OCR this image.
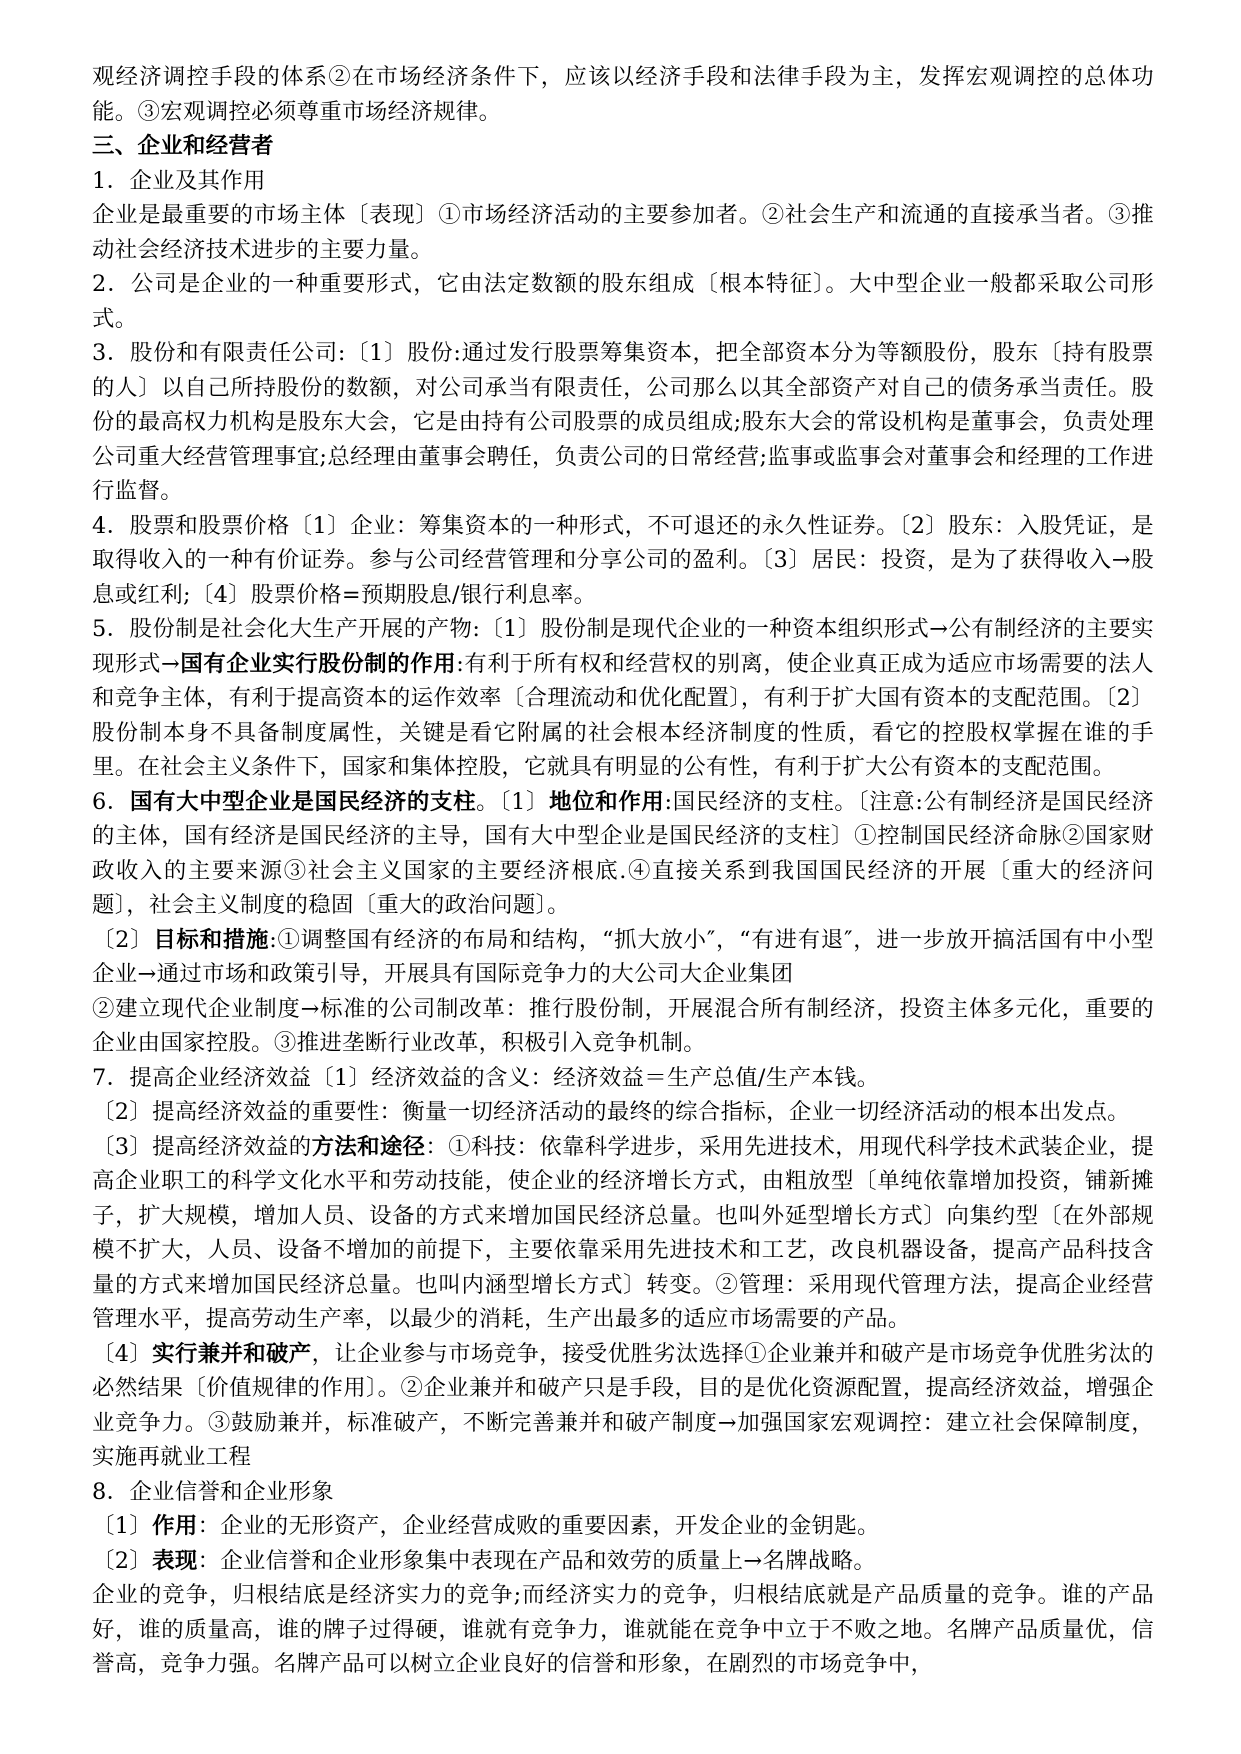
观经济调控手段的体系②在市场经济条件下，应该以经济手段和法律手段为主，发挥宏观调控的总体功能。③宏观调控必须尊重市场经济规律。

三、企业和经营者

1．企业及其作用

企业是最重要的市场主体〔表现〕①市场经济活动的主要参加者。②社会生产和流通的直接承当者。③推动社会经济技术进步的主要力量。

2．公司是企业的一种重要形式，它由法定数额的股东组成〔根本特征〕。大中型企业一般都采取公司形式。

3．股份和有限责任公司:〔1〕股份:通过发行股票筹集资本，把全部资本分为等额股份，股东〔持有股票的人〕以自己所持股份的数额，对公司承当有限责任，公司那么以其全部资产对自己的债务承当责任。股份的最高权力机构是股东大会，它是由持有公司股票的成员组成;股东大会的常设机构是董事会，负责处理公司重大经营管理事宜;总经理由董事会聘任，负责公司的日常经营;监事或监事会对董事会和经理的工作进行监督。

4．股票和股票价格〔1〕企业：筹集资本的一种形式，不可退还的永久性证券。〔2〕股东：入股凭证，是取得收入的一种有价证券。参与公司经营管理和分享公司的盈利。〔3〕居民：投资，是为了获得收入→股息或红利;〔4〕股票价格=预期股息/银行利息率。

5．股份制是社会化大生产开展的产物:〔1〕股份制是现代企业的一种资本组织形式→公有制经济的主要实现形式→国有企业实行股份制的作用:有利于所有权和经营权的别离，使企业真正成为适应市场需要的法人和竞争主体，有利于提高资本的运作效率〔合理流动和优化配置〕，有利于扩大国有资本的支配范围。〔2〕股份制本身不具备制度属性，关键是看它附属的社会根本经济制度的性质，看它的控股权掌握在谁的手里。在社会主义条件下，国家和集体控股，它就具有明显的公有性，有利于扩大公有资本的支配范围。

6．国有大中型企业是国民经济的支柱。〔1〕地位和作用:国民经济的支柱。〔注意:公有制经济是国民经济的主体，国有经济是国民经济的主导，国有大中型企业是国民经济的支柱〕①控制国民经济命脉②国家财政收入的主要来源③社会主义国家的主要经济根底.④直接关系到我国国民经济的开展〔重大的经济问题〕，社会主义制度的稳固〔重大的政治问题〕。

〔2〕目标和措施:①调整国有经济的布局和结构，“抓大放小″，“有进有退″，进一步放开搞活国有中小型企业→通过市场和政策引导，开展具有国际竞争力的大公司大企业集团

②建立现代企业制度→标准的公司制改革：推行股份制，开展混合所有制经济，投资主体多元化，重要的企业由国家控股。③推进垄断行业改革，积极引入竞争机制。

7．提高企业经济效益〔1〕经济效益的含义：经济效益＝生产总值/生产本钱。

〔2〕提高经济效益的重要性：衡量一切经济活动的最终的综合指标，企业一切经济活动的根本出发点。

〔3〕提高经济效益的方法和途径：①科技：依靠科学进步，采用先进技术，用现代科学技术武装企业，提高企业职工的科学文化水平和劳动技能，使企业的经济增长方式，由粗放型〔单纯依靠增加投资，铺新摊子，扩大规模，增加人员、设备的方式来增加国民经济总量。也叫外延型增长方式〕向集约型〔在外部规模不扩大，人员、设备不增加的前提下，主要依靠采用先进技术和工艺，改良机器设备，提高产品科技含量的方式来增加国民经济总量。也叫内涵型增长方式〕转变。②管理：采用现代管理方法，提高企业经营管理水平，提高劳动生产率，以最少的消耗，生产出最多的适应市场需要的产品。

〔4〕实行兼并和破产，让企业参与市场竞争，接受优胜劣汰选择①企业兼并和破产是市场竞争优胜劣汰的必然结果〔价值规律的作用〕。②企业兼并和破产只是手段，目的是优化资源配置，提高经济效益，增强企业竞争力。③鼓励兼并，标准破产，不断完善兼并和破产制度→加强国家宏观调控：建立社会保障制度，实施再就业工程

8．企业信誉和企业形象

〔1〕作用：企业的无形资产，企业经营成败的重要因素，开发企业的金钥匙。

〔2〕表现：企业信誉和企业形象集中表现在产品和效劳的质量上→名牌战略。

企业的竞争，归根结底是经济实力的竞争;而经济实力的竞争，归根结底就是产品质量的竞争。谁的产品好，谁的质量高，谁的牌子过得硬，谁就有竞争力，谁就能在竞争中立于不败之地。名牌产品质量优，信誉高，竞争力强。名牌产品可以树立企业良好的信誉和形象，在剧烈的市场竞争中，
